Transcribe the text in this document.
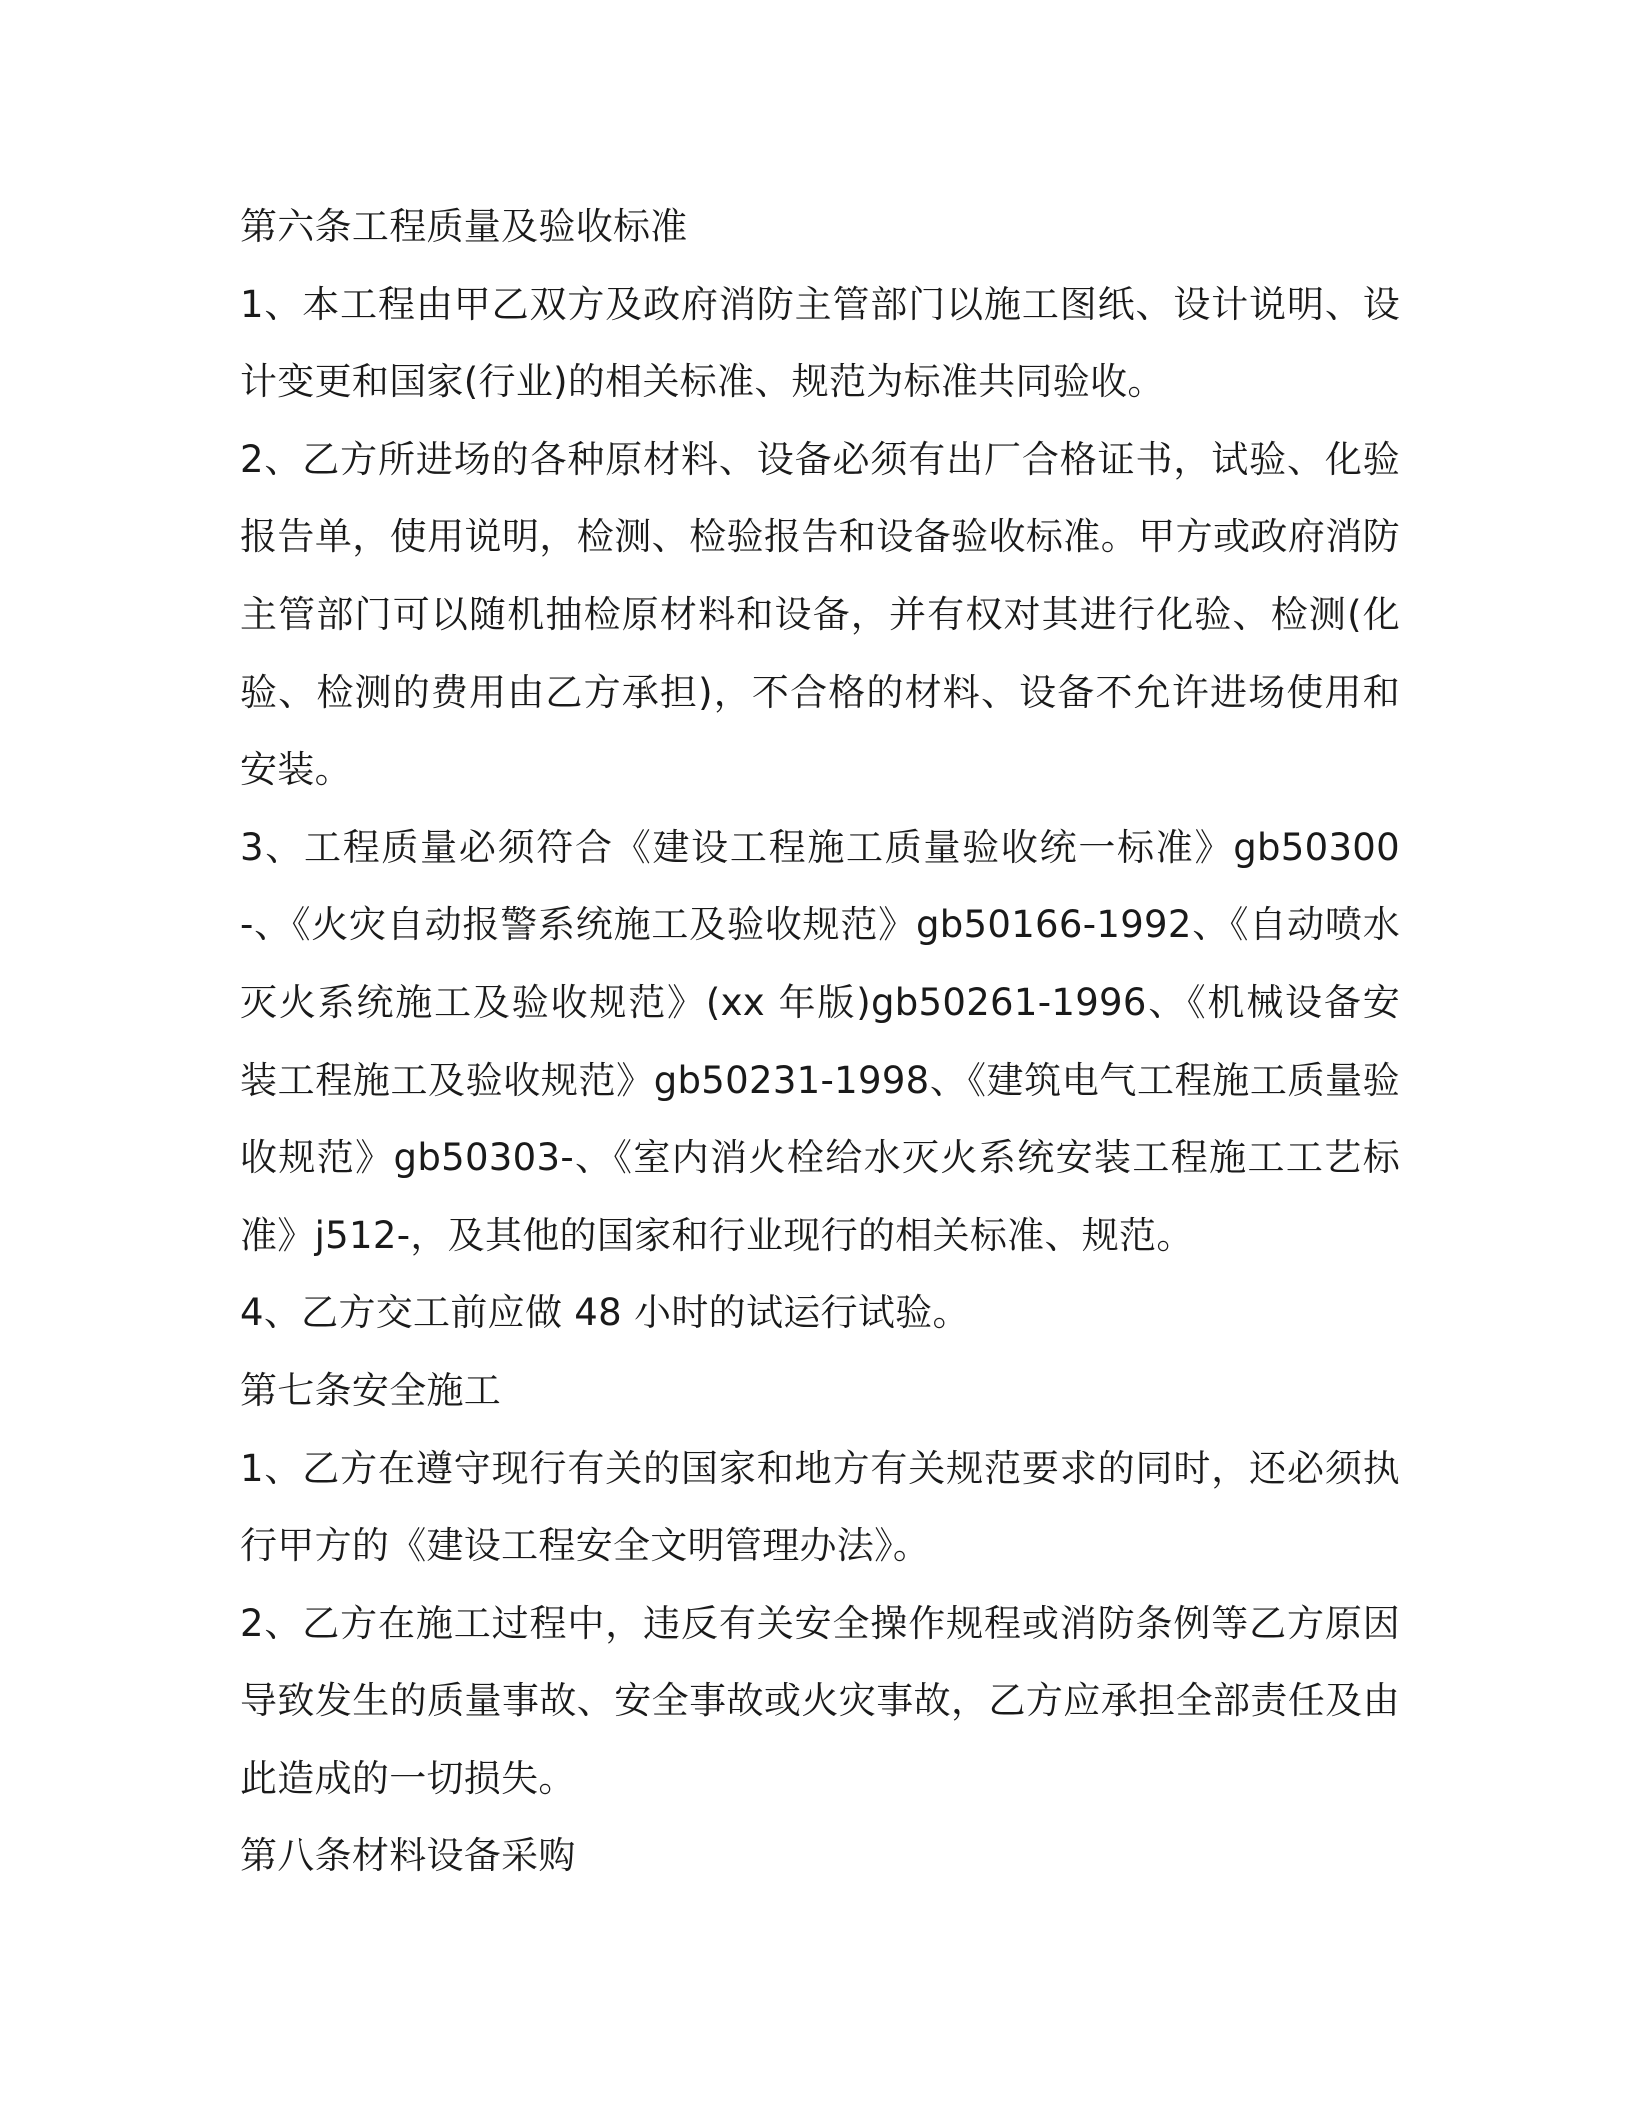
第六条工程质量及验收标准

1、本工程由甲乙双方及政府消防主管部门以施工图纸、设计说明、设计变更和国家(行业)的相关标准、规范为标准共同验收。

2、乙方所进场的各种原材料、设备必须有出厂合格证书，试验、化验报告单，使用说明，检测、检验报告和设备验收标准。甲方或政府消防主管部门可以随机抽检原材料和设备，并有权对其进行化验、检测(化验、检测的费用由乙方承担)，不合格的材料、设备不允许进场使用和安装。

3、工程质量必须符合《建设工程施工质量验收统一标准》gb50300-、《火灾自动报警系统施工及验收规范》gb50166-1992、《自动喷水灭火系统施工及验收规范》(xx 年版)gb50261-1996、《机械设备安装工程施工及验收规范》gb50231-1998、《建筑电气工程施工质量验收规范》gb50303-、《室内消火栓给水灭火系统安装工程施工工艺标准》j512-，及其他的国家和行业现行的相关标准、规范。

4、乙方交工前应做 48 小时的试运行试验。

第七条安全施工

1、乙方在遵守现行有关的国家和地方有关规范要求的同时，还必须执行甲方的《建设工程安全文明管理办法》。

2、乙方在施工过程中，违反有关安全操作规程或消防条例等乙方原因导致发生的质量事故、安全事故或火灾事故，乙方应承担全部责任及由此造成的一切损失。

第八条材料设备采购
